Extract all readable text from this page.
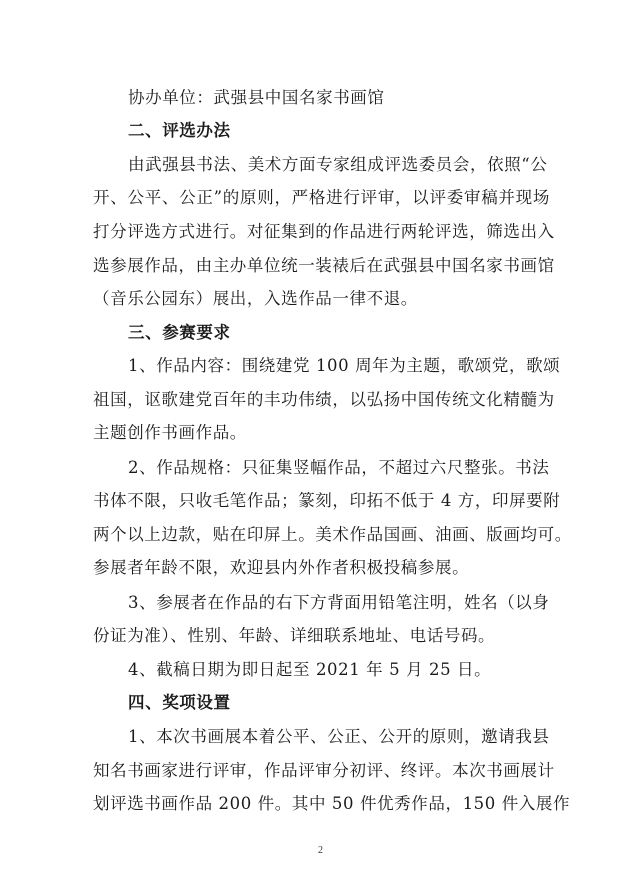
协办单位：武强县中国名家书画馆
二、评选办法
由武强县书法、美术方面专家组成评选委员会，依照“公
开、公平、公正”的原则，严格进行评审，以评委审稿并现场
打分评选方式进行。对征集到的作品进行两轮评选，筛选出入
选参展作品，由主办单位统一装裱后在武强县中国名家书画馆
（音乐公园东）展出，入选作品一律不退。
三、参赛要求
1、作品内容：围绕建党 100 周年为主题，歌颂党，歌颂
祖国，讴歌建党百年的丰功伟绩，以弘扬中国传统文化精髓为
主题创作书画作品。
2、作品规格：只征集竖幅作品，不超过六尺整张。书法
书体不限，只收毛笔作品；篆刻，印拓不低于 4 方，印屏要附
两个以上边款，贴在印屏上。美术作品国画、油画、版画均可。
参展者年龄不限，欢迎县内外作者积极投稿参展。
3、参展者在作品的右下方背面用铅笔注明，姓名（以身
份证为准）、性别、年龄、详细联系地址、电话号码。
4、截稿日期为即日起至 2021 年 5 月 25 日。
四、奖项设置
1、本次书画展本着公平、公正、公开的原则，邀请我县
知名书画家进行评审，作品评审分初评、终评。本次书画展计
划评选书画作品 200 件。其中 50 件优秀作品，150 件入展作
2
